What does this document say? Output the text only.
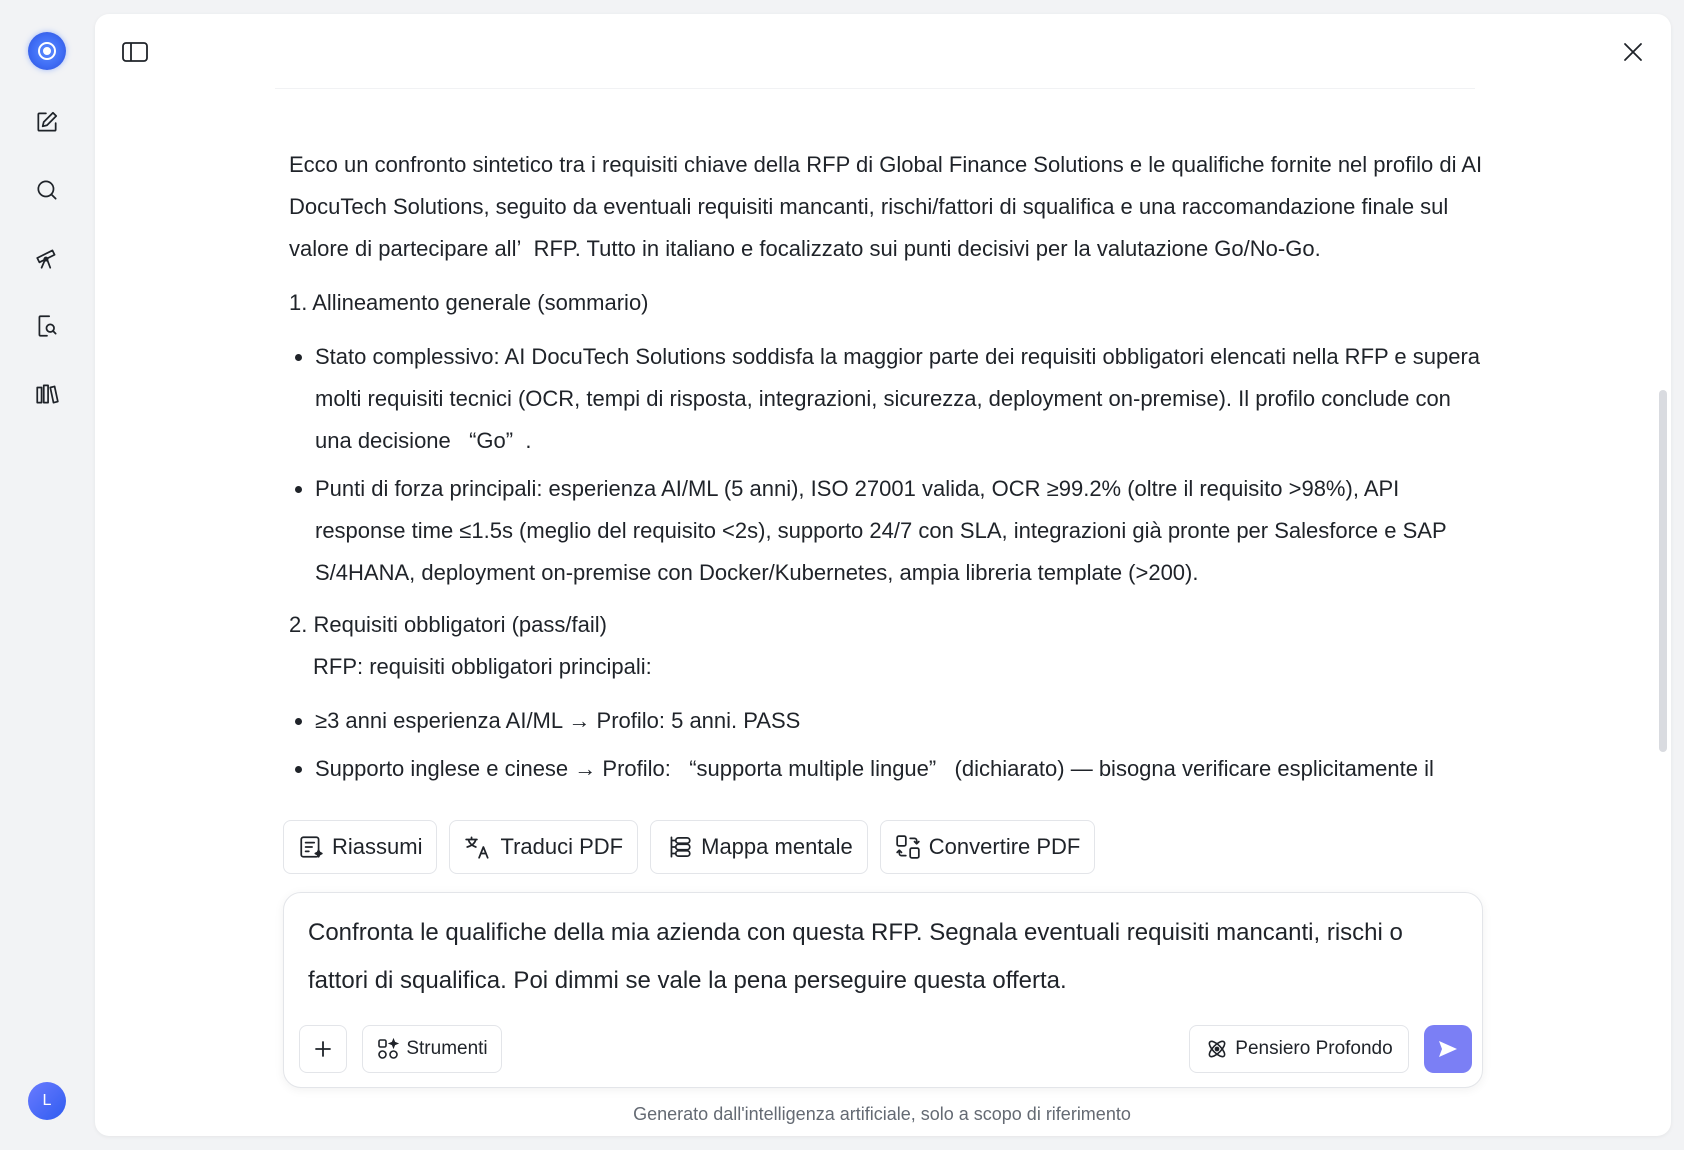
L

Ecco un confronto sintetico tra i requisiti chiave della RFP di Global Finance Solutions e le qualifiche fornite nel profilo di AI DocuTech Solutions, seguito da eventuali requisiti mancanti, rischi/fattori di squalifica e una raccomandazione finale sul valore di partecipare all’  RFP. Tutto in italiano e focalizzato sui punti decisivi per la valutazione Go/No-Go.

1. Allineamento generale (sommario)
• Stato complessivo: AI DocuTech Solutions soddisfa la maggior parte dei requisiti obbligatori elencati nella RFP e supera molti requisiti tecnici (OCR, tempi di risposta, integrazioni, sicurezza, deployment on-premise). Il profilo conclude con una decisione   “Go”  .
• Punti di forza principali: esperienza AI/ML (5 anni), ISO 27001 valida, OCR ≥99.2% (oltre il requisito >98%), API response time ≤1.5s (meglio del requisito <2s), supporto 24/7 con SLA, integrazioni già pronte per Salesforce e SAP S/4HANA, deployment on-premise con Docker/Kubernetes, ampia libreria template (>200).
2. Requisiti obbligatori (pass/fail)
RFP: requisiti obbligatori principali:
• ≥3 anni esperienza AI/ML → Profilo: 5 anni. PASS
• Supporto inglese e cinese → Profilo:   “supporta multiple lingue”   (dichiarato) — bisogna verificare esplicitamente il
Riassumi	Traduci PDF	Mappa mentale	Convertire PDF
Confronta le qualifiche della mia azienda con questa RFP. Segnala eventuali requisiti mancanti, rischi o fattori di squalifica. Poi dimmi se vale la pena perseguire questa offerta.
Strumenti	Pensiero Profondo
Generato dall'intelligenza artificiale, solo a scopo di riferimento
